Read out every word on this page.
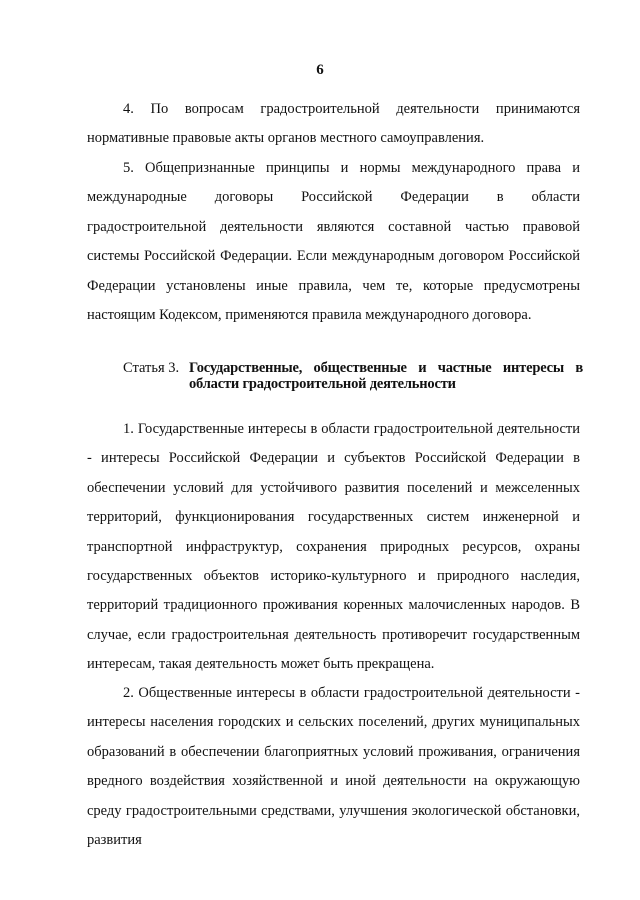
6

4. По вопросам градостроительной деятельности принимаются нормативные правовые акты органов местного самоуправления.

5. Общепризнанные принципы и нормы международного права и международные договоры Российской Федерации в области градостроительной деятельности являются составной частью правовой системы Российской Федерации. Если международным договором Российской Федерации установлены иные правила, чем те, которые предусмотрены настоящим Кодексом, применяются правила международного договора.

Статья 3. Государственные, общественные и частные интересы в области градостроительной деятельности

1. Государственные интересы в области градостроительной деятельности - интересы Российской Федерации и субъектов Российской Федерации в обеспечении условий для устойчивого развития поселений и межселенных территорий, функционирования государственных систем инженерной и транспортной инфраструктур, сохранения природных ресурсов, охраны государственных объектов историко-культурного и природного наследия, территорий традиционного проживания коренных малочисленных народов. В случае, если градостроительная деятельность противоречит государственным интересам, такая деятельность может быть прекращена.

2. Общественные интересы в области градостроительной деятельности - интересы населения городских и сельских поселений, других муниципальных образований в обеспечении благоприятных условий проживания, ограничения вредного воздействия хозяйственной и иной деятельности на окружающую среду градостроительными средствами, улучшения экологической обстановки, развития
